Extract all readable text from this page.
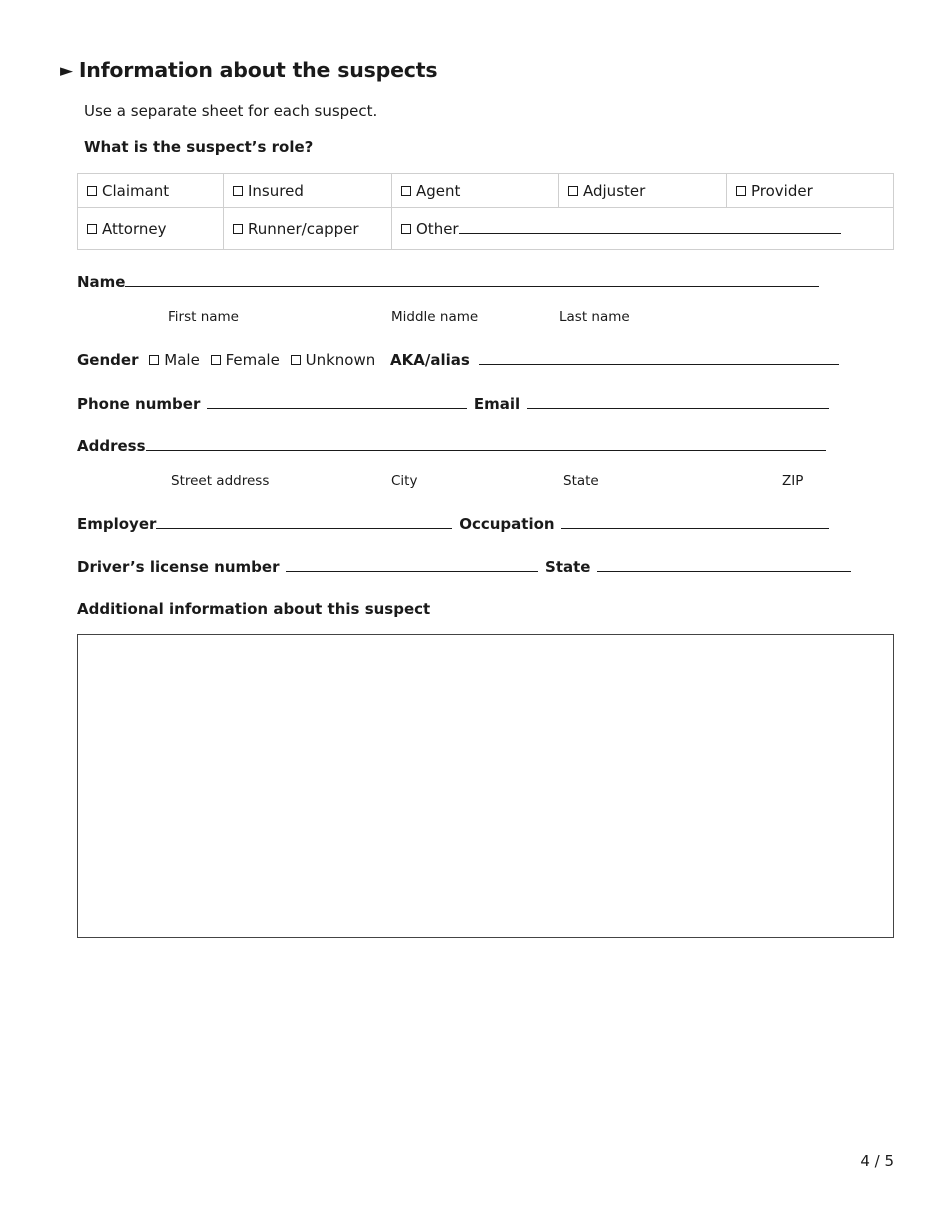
► Information about the suspects
Use a separate sheet for each suspect.
What is the suspect’s role?
Claimant	Insured	Agent	Adjuster	Provider
Attorney	Runner/capper	Other		
Name
First name	Middle name	Last name
Gender Male Female Unknown AKA/alias
Phone number	Email
Address
Street address	City	State	ZIP
Employer	Occupation
Driver’s license number	State
Additional information about this suspect
4 / 5
